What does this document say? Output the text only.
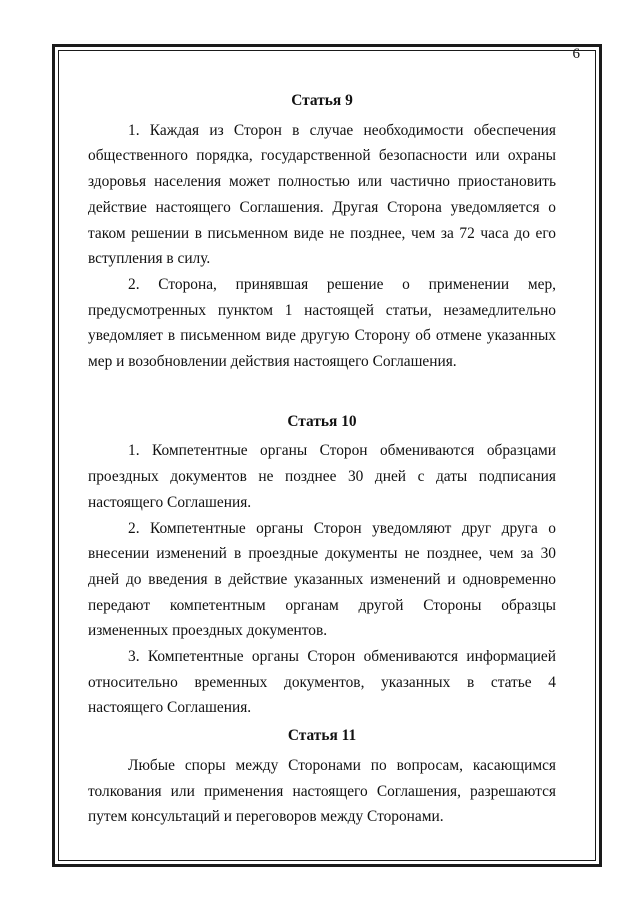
6
Статья 9

1. Каждая из Сторон в случае необходимости обеспечения общественного порядка, государственной безопасности или охраны здоровья населения может полностью или частично приостановить действие настоящего Соглашения. Другая Сторона уведомляется о таком решении в письменном виде не позднее, чем за 72 часа до его вступления в силу.

2. Сторона, принявшая решение о применении мер, предусмотренных пунктом 1 настоящей статьи, незамедлительно уведомляет в письменном виде другую Сторону об отмене указанных мер и возобновлении действия настоящего Соглашения.

Статья 10

1. Компетентные органы Сторон обмениваются образцами проездных документов не позднее 30 дней с даты подписания настоящего Соглашения.

2. Компетентные органы Сторон уведомляют друг друга о внесении изменений в проездные документы не позднее, чем за 30 дней до введения в действие указанных изменений и одновременно передают компетентным органам другой Стороны образцы измененных проездных документов.

3. Компетентные органы Сторон обмениваются информацией относительно временных документов, указанных в статье 4 настоящего Соглашения.

Статья 11

Любые споры между Сторонами по вопросам, касающимся толкования или применения настоящего Соглашения, разрешаются путем консультаций и переговоров между Сторонами.
